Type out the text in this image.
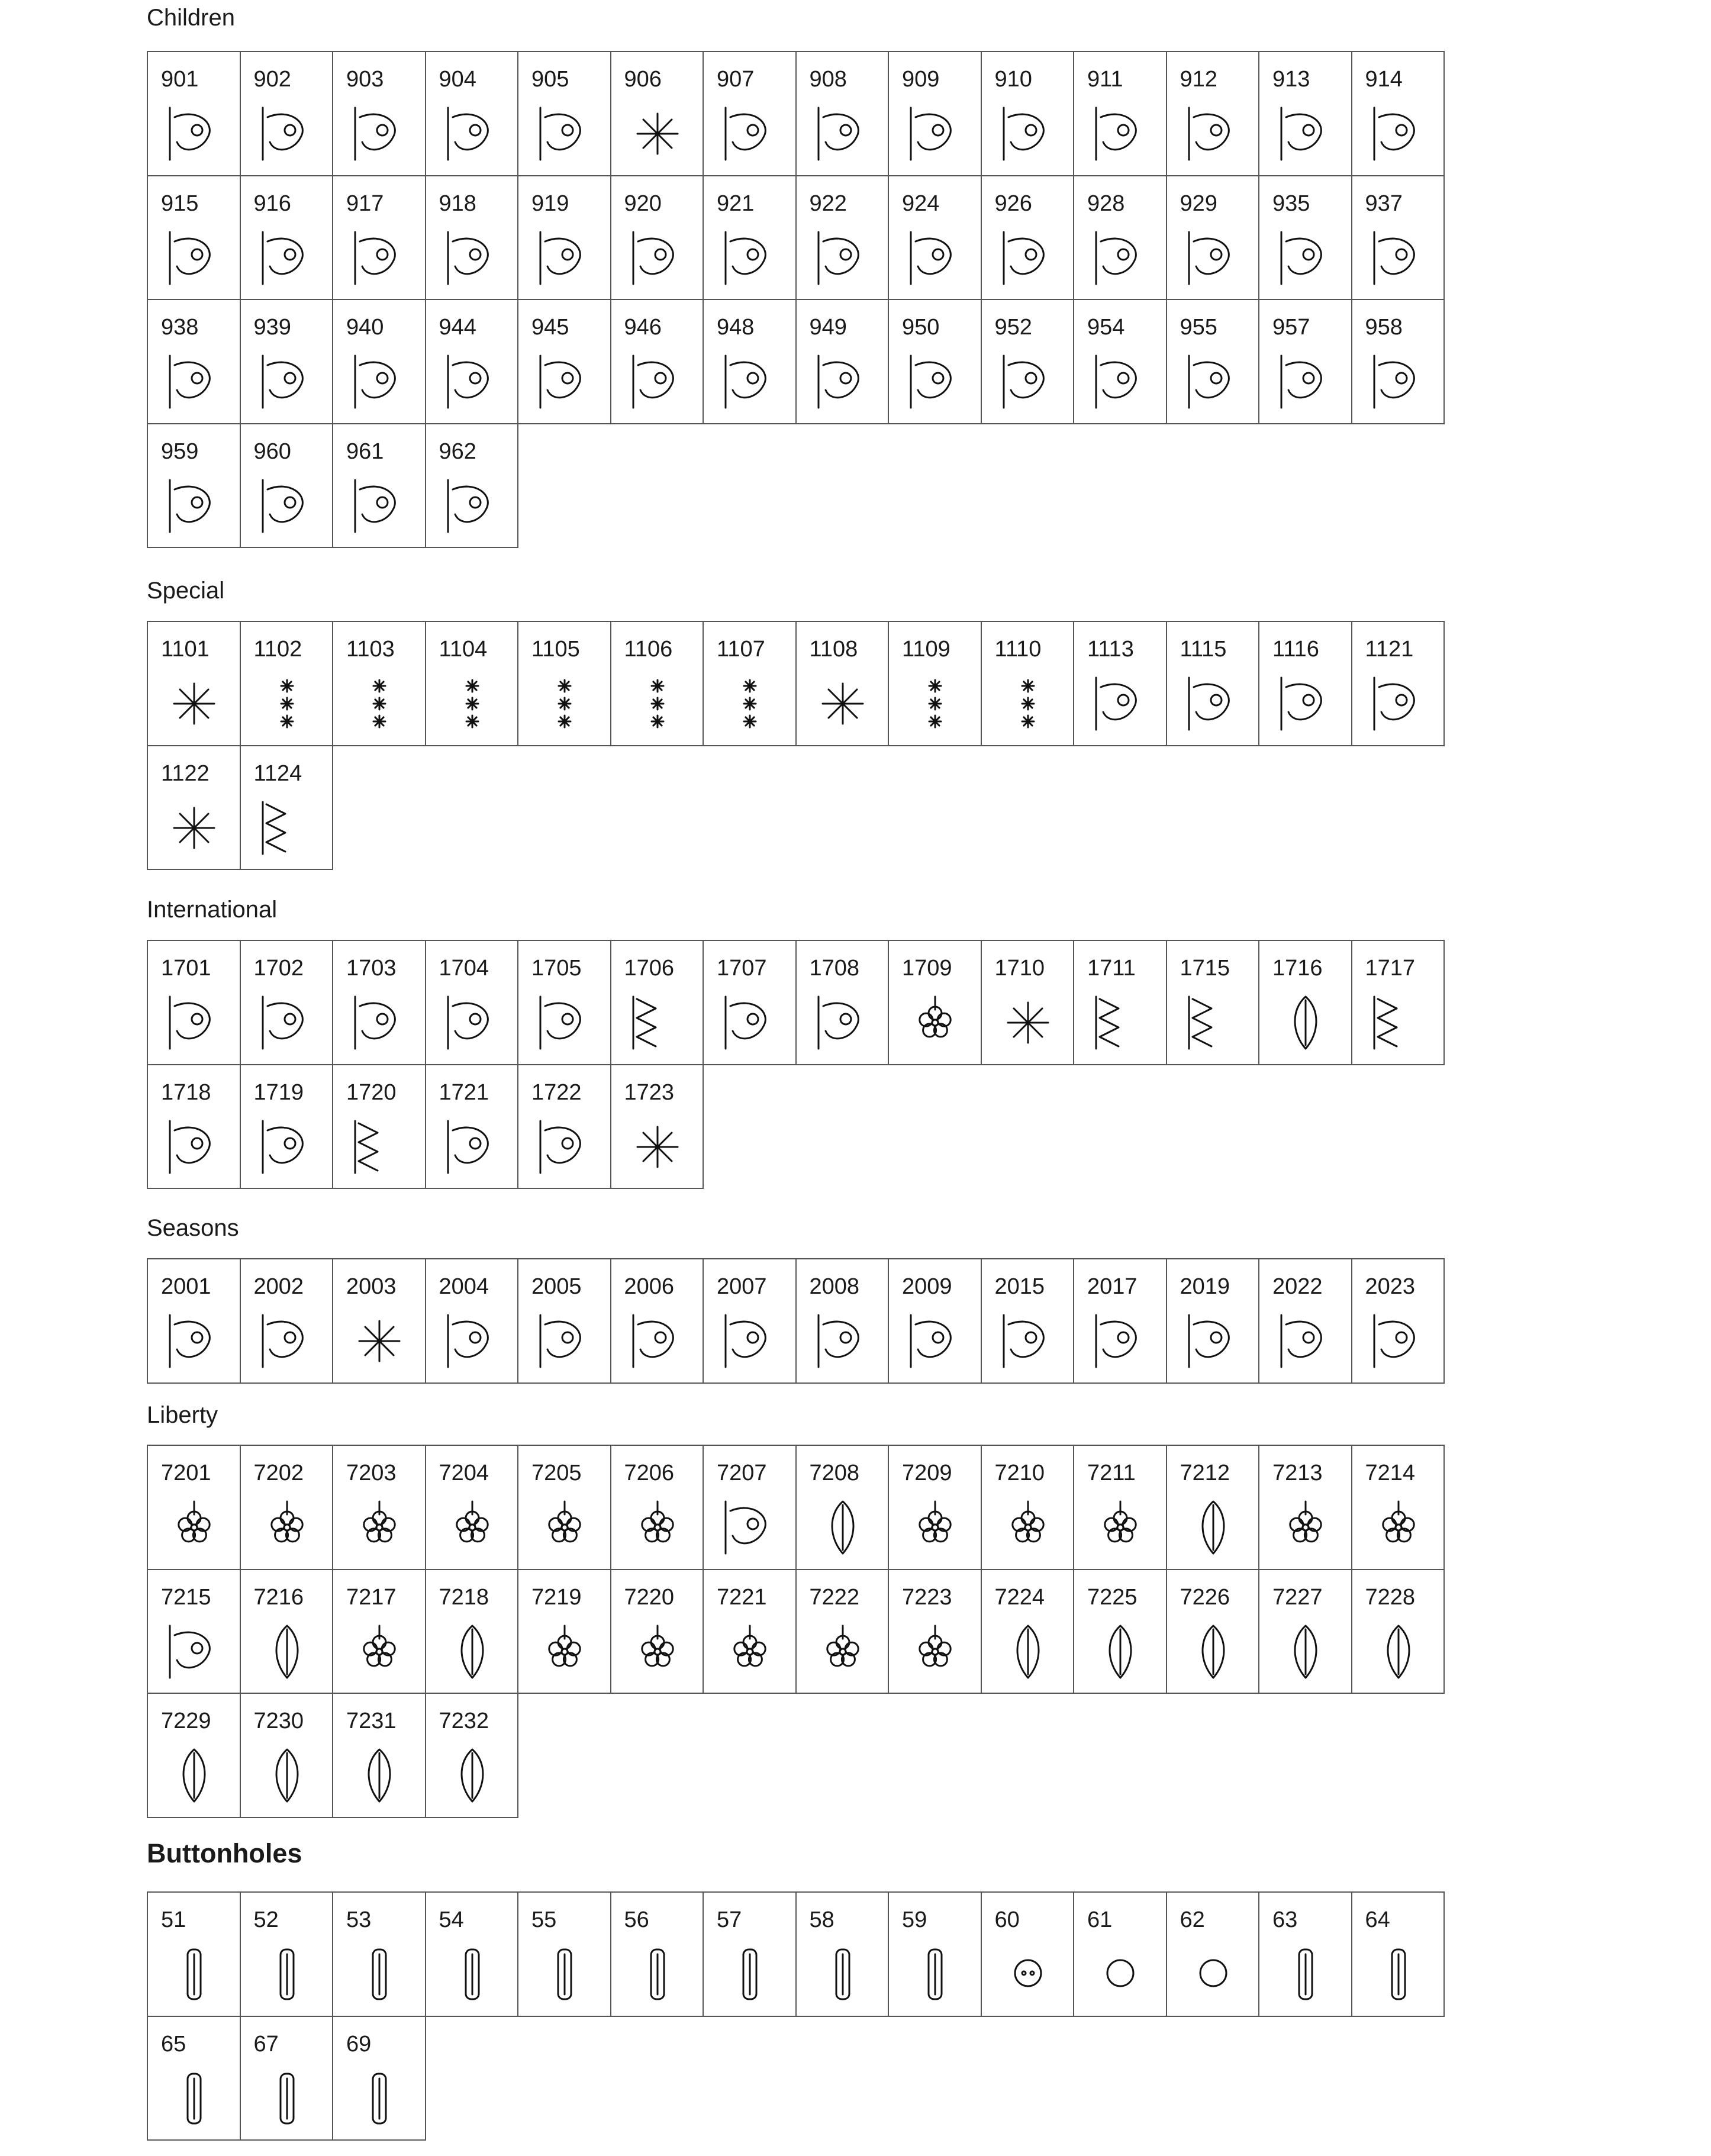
Children
901 902 903 904 905 906 907 908 909 910 911	912 913 914
915 916 917 918 919 920 921 922 924 926 928 929 935 937
938 939 940 944 945 946 948 949 950 952 954 955 957 958
959 960 961 962
Special
1101 1102 1103 1104 1105 1106 1107 1108 1109 1110 1113 1115 1116 1121
1122 1124
International
1701 1702 1703 1704 1705 1706 1707 1708 1709 1710 1711 1715 1716 1717
1718 1719 1720 1721 1722 1723
Seasons
2001 2002 2003 2004 2005 2006 2007 2008 2009 2015 2017 2019 2022 2023
Liberty
7201 7202 7203 7204 7205 7206 7207 7208 7209 7210 7211 7212 7213 7214
7215 7216 7217 7218 7219 7220 7221 7222 7223 7224 7225 7226 7227 7228
7229 7230 7231 7232
Buttonholes
51	52	53	54	55	56	57	58	59	60	61	62	63	64
65	67	69
